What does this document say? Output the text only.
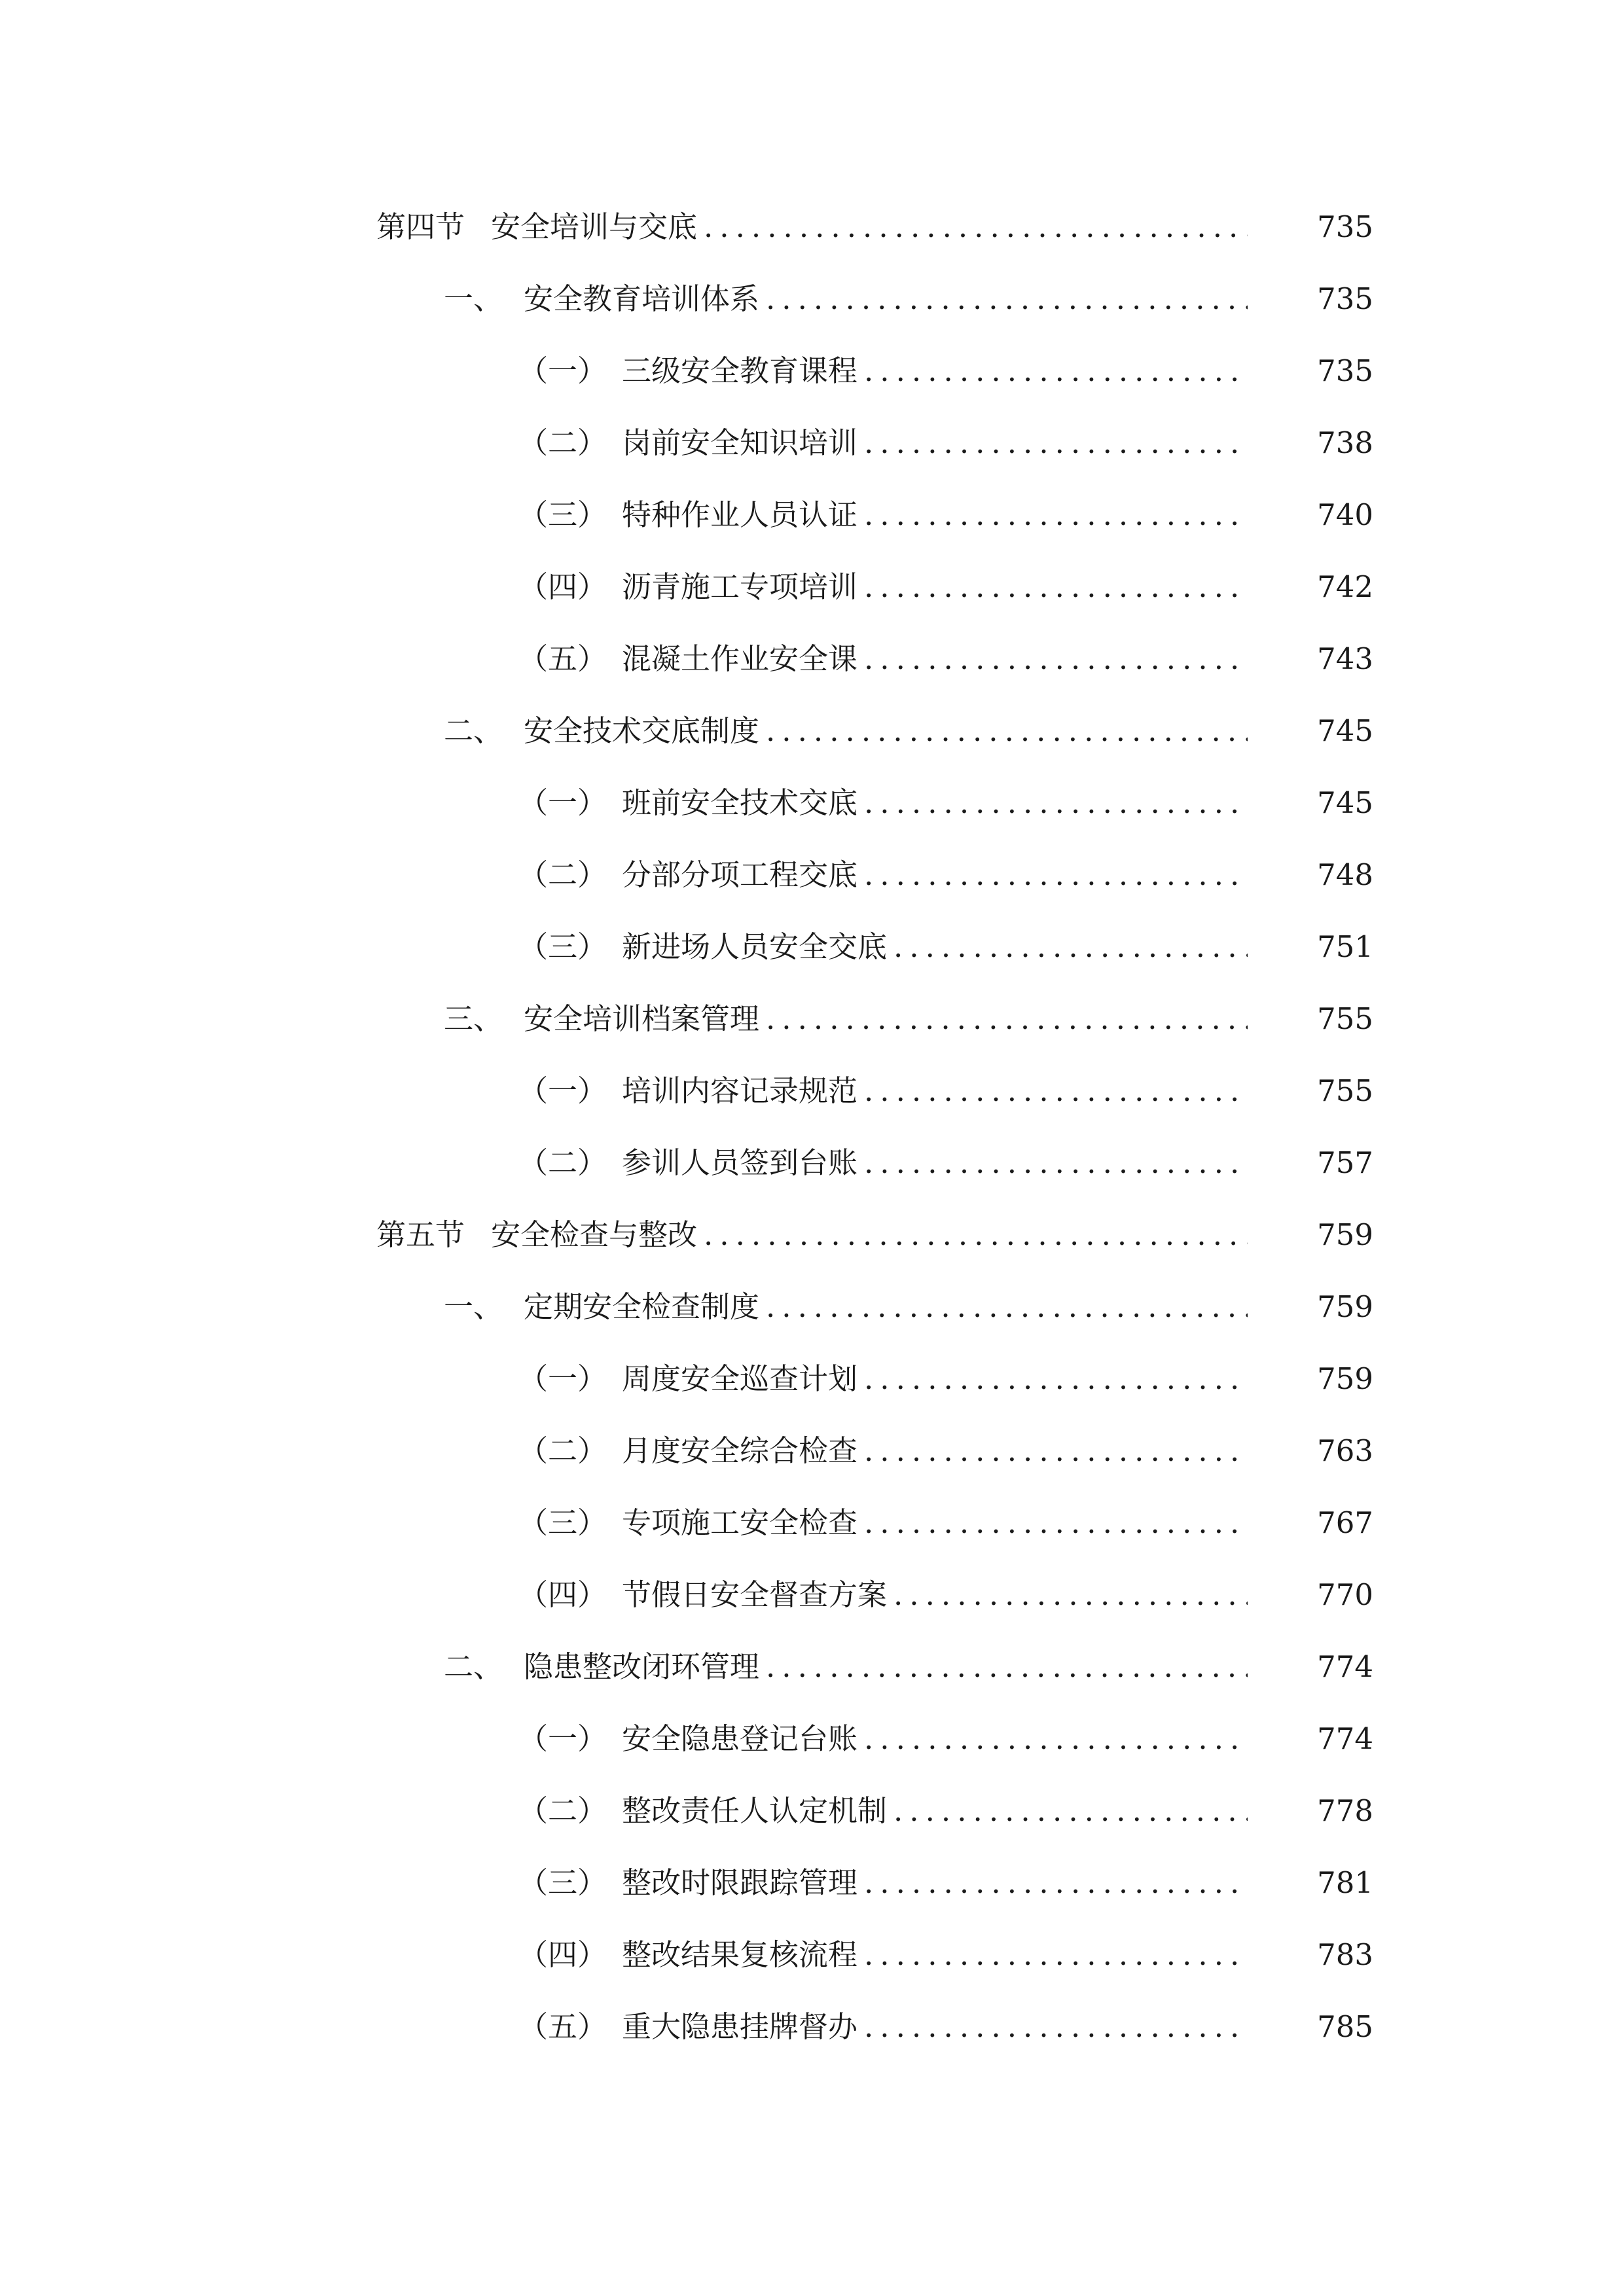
第四节 安全培训与交底 .....	735
一、 安全教育培训体系 .....	735
（一） 三级安全教育课程 .....	735
（二） 岗前安全知识培训 .....	738
（三） 特种作业人员认证 .....	740
（四） 沥青施工专项培训 .....	742
（五） 混凝土作业安全课 .....	743
二、 安全技术交底制度 .....	745
（一） 班前安全技术交底 .....	745
（二） 分部分项工程交底 .....	748
（三） 新进场人员安全交底 .....	751
三、 安全培训档案管理 .....	755
（一） 培训内容记录规范 .....	755
（二） 参训人员签到台账 .....	757
第五节 安全检查与整改 .....	759
一、 定期安全检查制度 .....	759
（一） 周度安全巡查计划 .....	759
（二） 月度安全综合检查 .....	763
（三） 专项施工安全检查 .....	767
（四） 节假日安全督查方案 .....	770
二、 隐患整改闭环管理 .....	774
（一） 安全隐患登记台账 .....	774
（二） 整改责任人认定机制 .....	778
（三） 整改时限跟踪管理 .....	781
（四） 整改结果复核流程 .....	783
（五） 重大隐患挂牌督办 .....	785
